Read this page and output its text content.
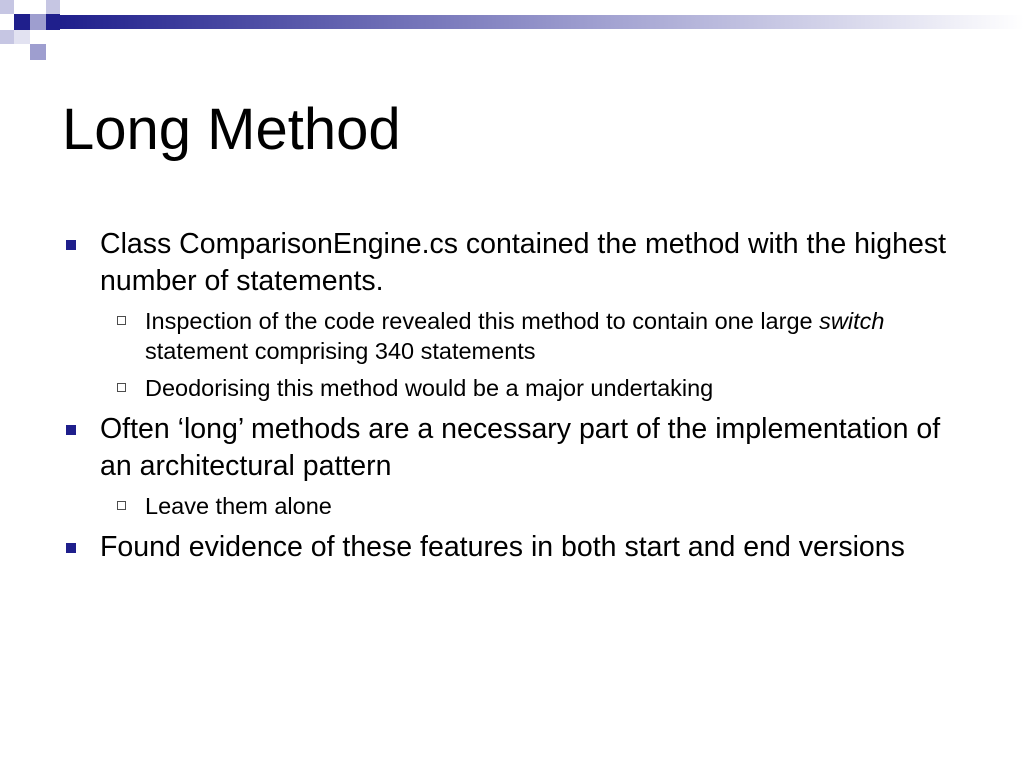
Long Method
Class ComparisonEngine.cs contained the method with the highest number of statements.
Inspection of the code revealed this method to contain one large switch statement comprising 340 statements
Deodorising this method would be a major undertaking
Often ‘long’ methods are a necessary part of the implementation of an architectural pattern
Leave them alone
Found evidence of these features in both start and end versions
